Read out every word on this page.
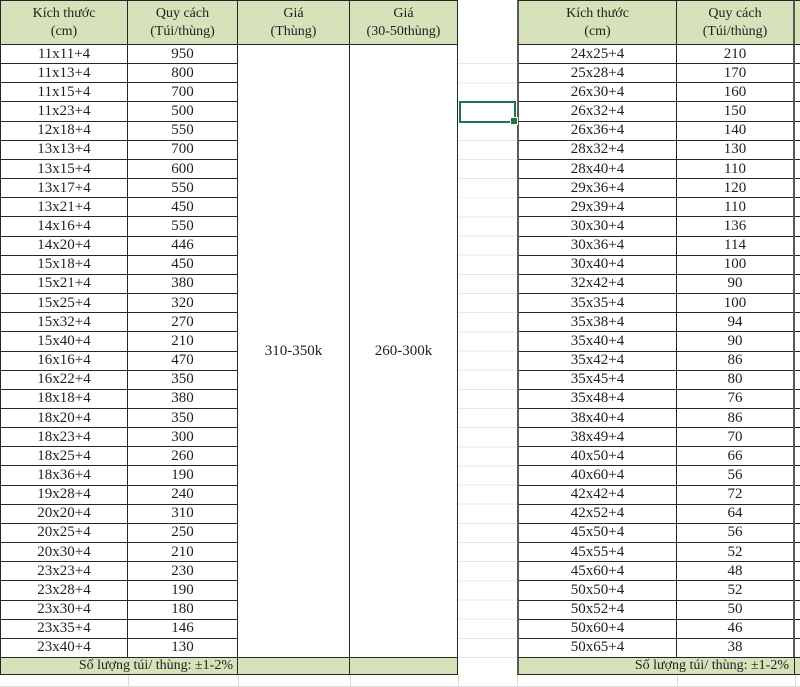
Kích thước
(cm)
Quy cách
(Túi/thùng)
Giá
(Thùng)
Giá
(30-50thùng)
11x11+4
11x13+4
11x15+4
11x23+4
12x18+4
13x13+4
13x15+4
13x17+4
13x21+4
14x16+4
14x20+4
15x18+4
15x21+4
15x25+4
15x32+4
15x40+4
16x16+4
16x22+4
18x18+4
18x20+4
18x23+4
18x25+4
18x36+4
19x28+4
20x20+4
20x25+4
20x30+4
23x23+4
23x28+4
23x30+4
23x35+4
23x40+4
950
800
700
500
550
700
600
550
450
550
446
450
380
320
270
210
470
350
380
350
300
260
190
240
310
250
210
230
190
180
146
130
310-350k	260-300k
Số lượng túi/ thùng: ±1-2%
Kích thước
(cm)
Quy cách
(Túi/thùng)
24x25+4
25x28+4
26x30+4
26x32+4
26x36+4
28x32+4
28x40+4
29x36+4
29x39+4
30x30+4
30x36+4
30x40+4
32x42+4
35x35+4
35x38+4
35x40+4
35x42+4
35x45+4
35x48+4
38x40+4
38x49+4
40x50+4
40x60+4
42x42+4
42x52+4
45x50+4
45x55+4
45x60+4
50x50+4
50x52+4
50x60+4
50x65+4
210
170
160
150
140
130
110
120
110
136
114
100
90
100
94
90
86
80
76
86
70
66
56
72
64
56
52
48
52
50
46
38
Số lượng túi/ thùng: ±1-2%
